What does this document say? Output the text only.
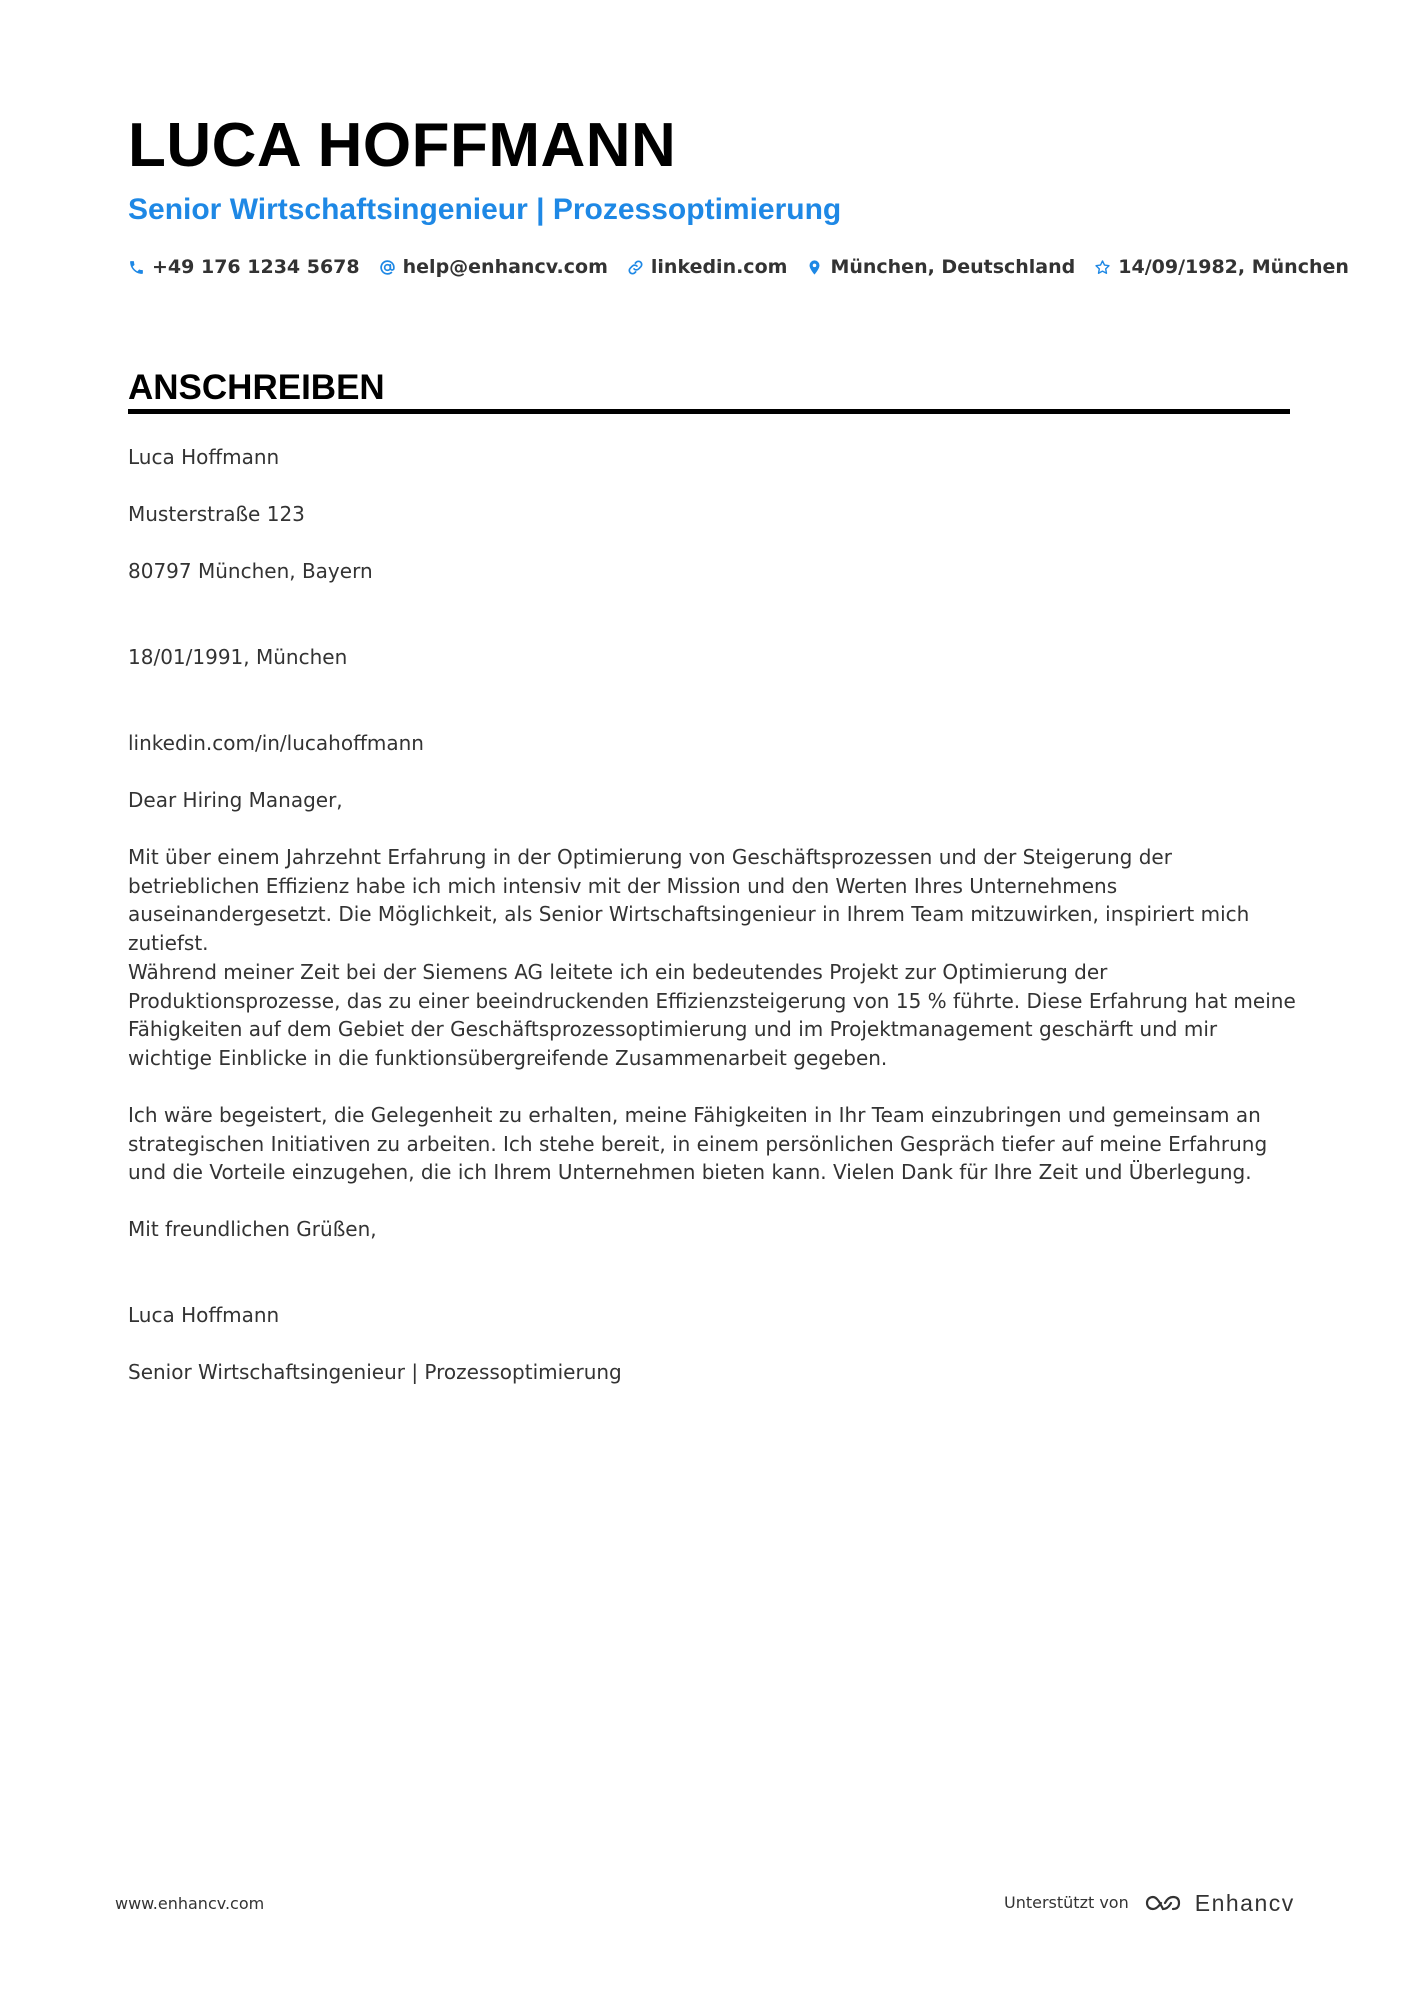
LUCA HOFFMANN
Senior Wirtschaftsingenieur | Prozessoptimierung
+49 176 1234 5678 help@enhancv.com linkedin.com München, Deutschland 14/09/1982, München
ANSCHREIBEN
Luca Hoffmann
Musterstraße 123
80797 München, Bayern
18/01/1991, München
linkedin.com/in/lucahoffmann
Dear Hiring Manager,
Mit über einem Jahrzehnt Erfahrung in der Optimierung von Geschäftsprozessen und der Steigerung der betrieblichen Effizienz habe ich mich intensiv mit der Mission und den Werten Ihres Unternehmens auseinandergesetzt. Die Möglichkeit, als Senior Wirtschaftsingenieur in Ihrem Team mitzuwirken, inspiriert mich zutiefst.
Während meiner Zeit bei der Siemens AG leitete ich ein bedeutendes Projekt zur Optimierung der Produktionsprozesse, das zu einer beeindruckenden Effizienzsteigerung von 15 % führte. Diese Erfahrung hat meine Fähigkeiten auf dem Gebiet der Geschäftsprozessoptimierung und im Projektmanagement geschärft und mir wichtige Einblicke in die funktionsübergreifende Zusammenarbeit gegeben.
Ich wäre begeistert, die Gelegenheit zu erhalten, meine Fähigkeiten in Ihr Team einzubringen und gemeinsam an strategischen Initiativen zu arbeiten. Ich stehe bereit, in einem persönlichen Gespräch tiefer auf meine Erfahrung und die Vorteile einzugehen, die ich Ihrem Unternehmen bieten kann. Vielen Dank für Ihre Zeit und Überlegung.
Mit freundlichen Grüßen,
Luca Hoffmann
Senior Wirtschaftsingenieur | Prozessoptimierung
www.enhancv.com	Unterstützt von	Enhancv
